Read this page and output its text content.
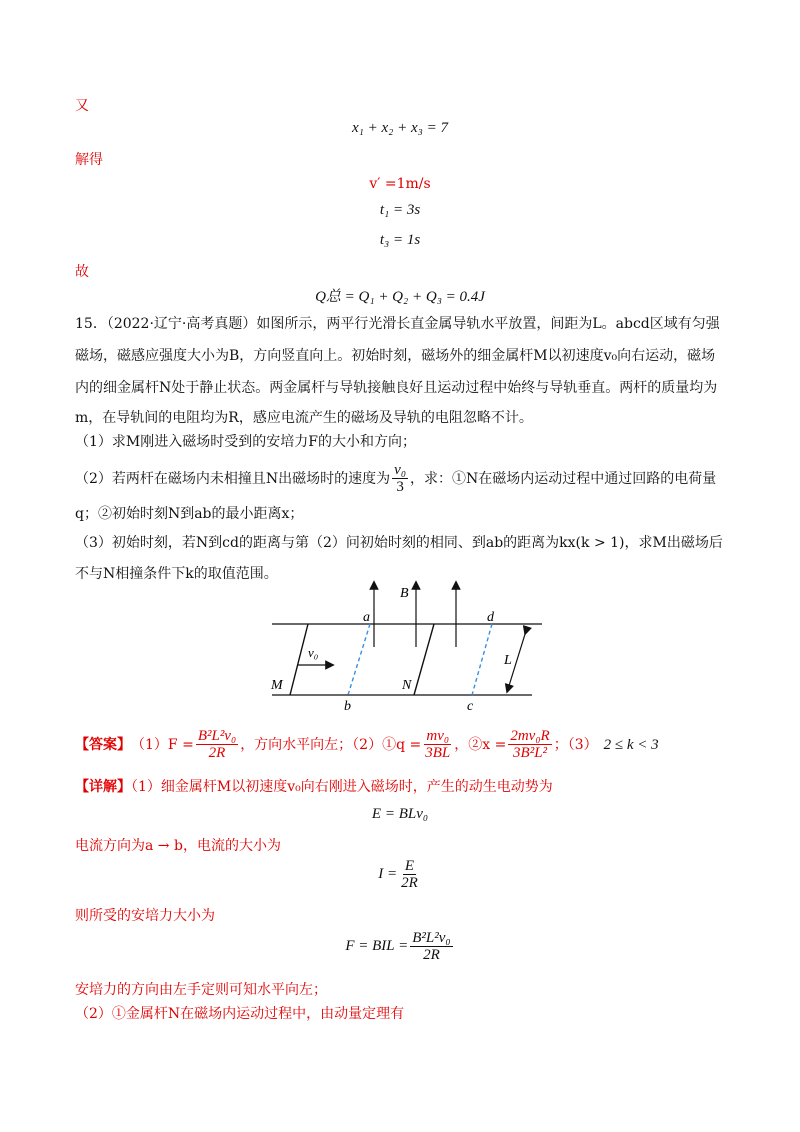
又
x₁ + x₂ + x₃ = 7
解得
v′ =1m/s
t₁ = 3s
t₃ = 1s
故
Q总 = Q₁ + Q₂ + Q₃ = 0.4J
15．（2022·辽宁·高考真题）如图所示，两平行光滑长直金属导轨水平放置，间距为L。abcd区域有匀强
磁场，磁感应强度大小为B，方向竖直向上。初始时刻，磁场外的细金属杆M以初速度v₀向右运动，磁场
内的细金属杆N处于静止状态。两金属杆与导轨接触良好且运动过程中始终与导轨垂直。两杆的质量均为
m，在导轨间的电阻均为R，感应电流产生的磁场及导轨的电阻忽略不计。
（1）求M刚进入磁场时受到的安培力F的大小和方向；
（2）若两杆在磁场内未相撞且N出磁场时的速度为 $\frac{\text{v₀}}{3}$ ，求：①N在磁场内运动过程中通过回路的电荷量
q；②初始时刻N到ab的最小距离x；
（3）初始时刻，若N到cd的距离与第（2）问初始时刻的相同、到ab的距离为kx(k > 1)，求M出磁场后
不与N相撞条件下k的取值范围。
a
b	c
d
B
L
M	N
v₀
【答案】 $(1)F = \frac{\text{B²L²v₀}}{2R}$ ，方向水平向左；（2）①q = $\frac{\text{mv₀}}{3BL}$ ，②x = $\frac{\text{2mv₀R}}{\text{3B²L²}}$ ；（3） 2 ≤ k < 3
【详解】（1）细金属杆M以初速度v₀向右刚进入磁场时，产生的动生电动势为
E = BLv₀
电流方向为a → b，电流的大小为
$I = \frac{E}{2R}$
则所受的安培力大小为
F = BIL = $\frac{\text{B²L²v₀}}{2R}$
安培力的方向由左手定则可知水平向左；
（2）①金属杆N在磁场内运动过程中，由动量定理有
